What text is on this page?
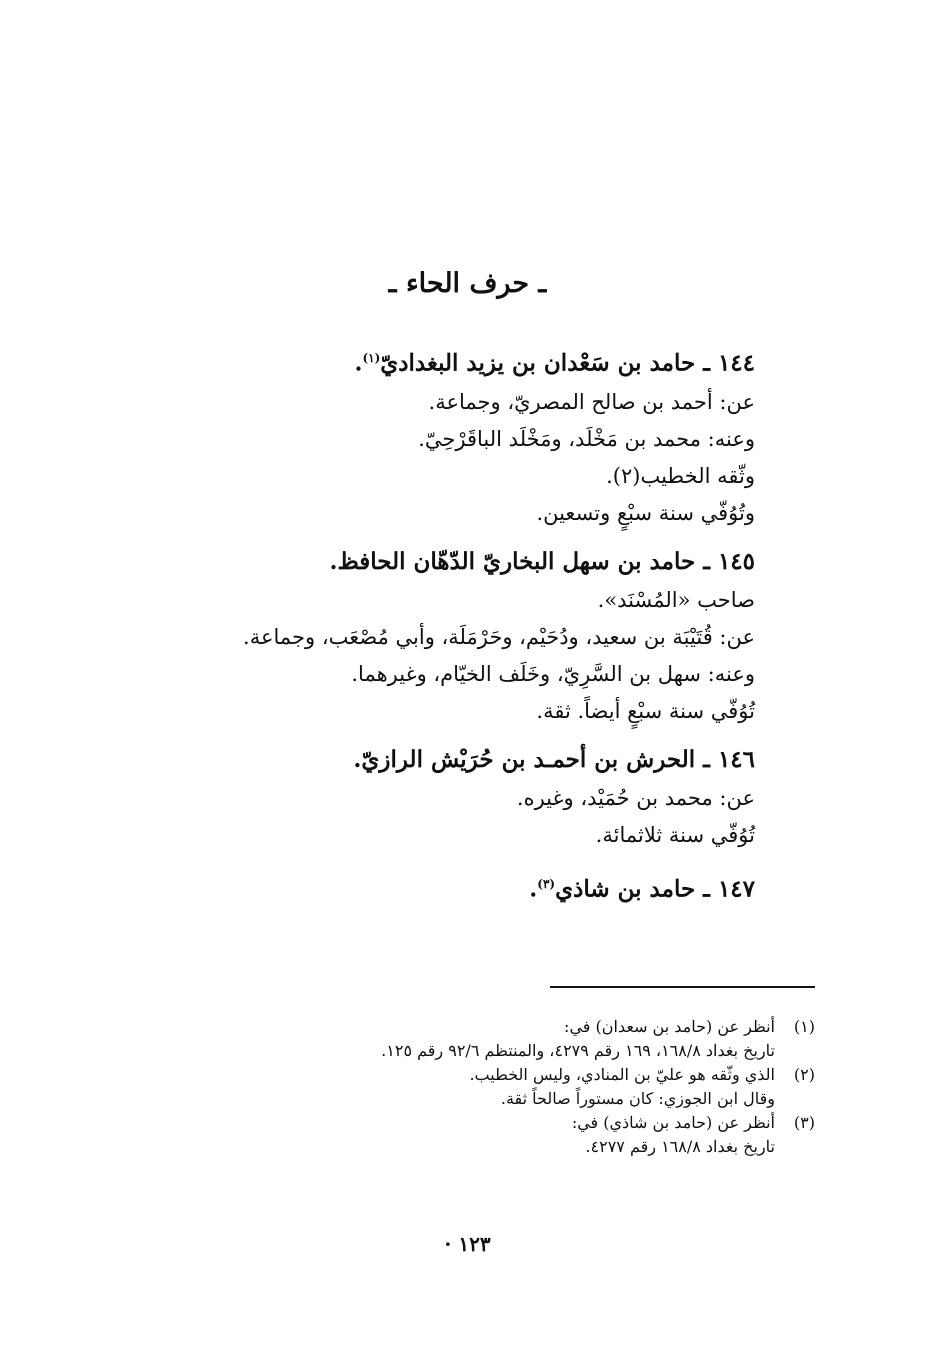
ـ حرف الحاء ـ
١٤٤ ـ حامد بن سَعْدان بن يزيد البغداديّ$^{(١)}$.
عن: أحمد بن صالح المصريّ، وجماعة.
وعنه: محمد بن مَخْلَد، ومَخْلَد الباقَرْحِيّ.
وثّقه الخطيب(٢).
وتُوُفّي سنة سبْعٍ وتسعين.
١٤٥ ـ حامد بن سهل البخاريّ الدّهّان الحافظ.
صاحب «المُسْنَد».
عن: قُتَيْبَة بن سعيد، ودُحَيْم، وحَرْمَلَة، وأبي مُصْعَب، وجماعة.
وعنه: سهل بن السَّرِيّ، وخَلَف الخيّام، وغيرهما.
تُوُفّي سنة سبْعٍ أيضاً. ثقة.
١٤٦ ـ الحرش بن أحمـد بن حُرَيْش الرازيّ.
عن: محمد بن حُمَيْد، وغيره.
تُوُفّي سنة ثلاثمائة.
١٤٧ ـ حامد بن شاذي$^{(٣)}$.
(١)
أنظر عن (حامد بن سعدان) في:
تاريخ بغداد ١٦٨/٨، ١٦٩ رقم ٤٢٧٩، والمنتظم ٩٢/٦ رقم ١٢٥.
(٢)
الذي وثّقه هو عليّ بن المنادي، وليس الخطيب.
وقال ابن الجوزي: كان مستوراً صالحاً ثقة.
(٣)
أنظر عن (حامد بن شاذي) في:
تاريخ بغداد ١٦٨/٨ رقم ٤٢٧٧.
١٢٣ ·
